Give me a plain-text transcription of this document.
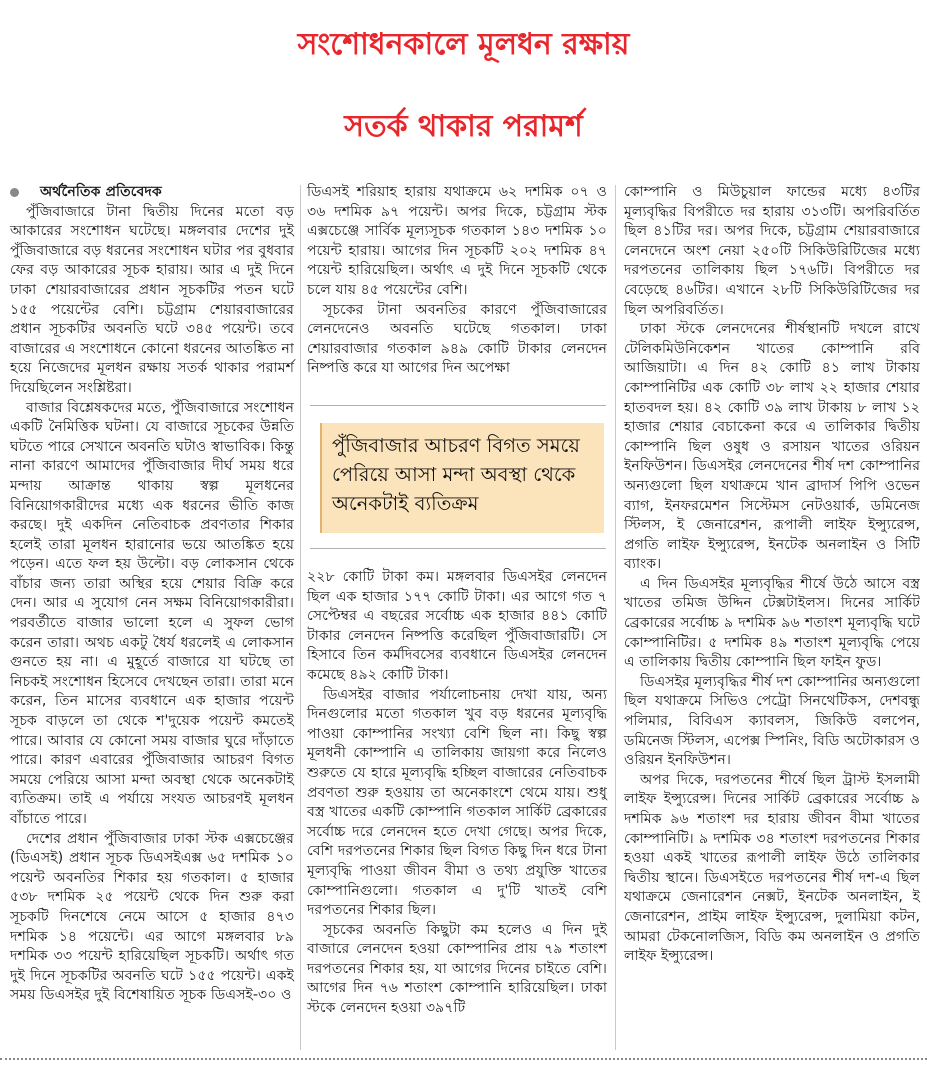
সংশোধনকালে মূলধন রক্ষায়
সতর্ক থাকার পরামর্শ

অর্থনৈতিক প্রতিবেদক

পুঁজিবাজারে টানা দ্বিতীয় দিনের মতো বড় আকারের সংশোধন ঘটেছে। মঙ্গলবার দেশের দুই পুঁজিবাজারে বড় ধরনের সংশোধন ঘটার পর বুধবার ফের বড় আকারের সূচক হারায়। আর এ দুই দিনে ঢাকা শেয়ারবাজারের প্রধান সূচকটির পতন ঘটে ১৫৫ পয়েন্টের বেশি। চট্টগ্রাম শেয়ারবাজারের প্রধান সূচকটির অবনতি ঘটে ৩৪৫ পয়েন্ট। তবে বাজারের এ সংশোধনে কোনো ধরনের আতঙ্কিত না হয়ে নিজেদের মূলধন রক্ষায় সতর্ক থাকার পরামর্শ দিয়েছিলেন সংশ্লিষ্টরা।

বাজার বিশ্লেষকদের মতে, পুঁজিবাজারে সংশোধন একটি নৈমিত্তিক ঘটনা। যে বাজারে সূচকের উন্নতি ঘটতে পারে সেখানে অবনতি ঘটাও স্বাভাবিক। কিন্তু নানা কারণে আমাদের পুঁজিবাজার দীর্ঘ সময় ধরে মন্দায় আক্রান্ত থাকায় স্বল্প মূলধনের বিনিয়োগকারীদের মধ্যে এক ধরনের ভীতি কাজ করছে। দুই একদিন নেতিবাচক প্রবণতার শিকার হলেই তারা মূলধন হারানোর ভয়ে আতঙ্কিত হয়ে পড়েন। এতে ফল হয় উল্টো। বড় লোকসান থেকে বাঁচার জন্য তারা অস্থির হয়ে শেয়ার বিক্রি করে দেন। আর এ সুযোগ নেন সক্ষম বিনিয়োগকারীরা। পরবর্তীতে বাজার ভালো হলে এ সুফল ভোগ করেন তারা। অথচ একটু ধৈর্য ধরলেই এ লোকসান গুনতে হয় না। এ মুহূর্তে বাজারে যা ঘটছে তা নিচকই সংশোধন হিসেবে দেখছেন তারা। তারা মনে করেন, তিন মাসের ব্যবধানে এক হাজার পয়েন্ট সূচক বাড়লে তা থেকে শ'দুয়েক পয়েন্ট কমতেই পারে। আবার যে কোনো সময় বাজার ঘুরে দাঁড়াতে পারে। কারণ এবারের পুঁজিবাজার আচরণ বিগত সময়ে পেরিয়ে আসা মন্দা অবস্থা থেকে অনেকটাই ব্যতিক্রম। তাই এ পর্যায়ে সংযত আচরণই মূলধন বাঁচাতে পারে।

দেশের প্রধান পুঁজিবাজার ঢাকা স্টক এক্সচেঞ্জের (ডিএসই) প্রধান সূচক ডিএসইএক্স ৬৫ দশমিক ১০ পয়েন্ট অবনতির শিকার হয় গতকাল। ৫ হাজার ৫৩৮ দশমিক ২৫ পয়েন্ট থেকে দিন শুরু করা সূচকটি দিনশেষে নেমে আসে ৫ হাজার ৪৭৩ দশমিক ১৪ পয়েন্টে। এর আগে মঙ্গলবার ৮৯ দশমিক ৩৩ পয়েন্ট হারিয়েছিল সূচকটি। অর্থাৎ গত দুই দিনে সূচকটির অবনতি ঘটে ১৫৫ পয়েন্ট। একই সময় ডিএসইর দুই বিশেষায়িত সূচক ডিএসই-৩০ ও

ডিএসই শরিয়াহ হারায় যথাক্রমে ৬২ দশমিক ০৭ ও ৩৬ দশমিক ৯৭ পয়েন্ট। অপর দিকে, চট্টগ্রাম স্টক এক্সচেঞ্জে সার্বিক মূল্যসূচক গতকাল ১৪৩ দশমিক ১০ পয়েন্ট হারায়। আগের দিন সূচকটি ২০২ দশমিক ৪৭ পয়েন্ট হারিয়েছিল। অর্থাৎ এ দুই দিনে সূচকটি থেকে চলে যায় ৪৫ পয়েন্টের বেশি।

সূচকের টানা অবনতির কারণে পুঁজিবাজারের লেনদেনেও অবনতি ঘটেছে গতকাল। ঢাকা শেয়ারবাজার গতকাল ৯৪৯ কোটি টাকার লেনদেন নিষ্পত্তি করে যা আগের দিন অপেক্ষা

পুঁজিবাজার আচরণ বিগত সময়ে পেরিয়ে আসা মন্দা অবস্থা থেকে অনেকটাই ব্যতিক্রম

২২৮ কোটি টাকা কম। মঙ্গলবার ডিএসইর লেনদেন ছিল এক হাজার ১৭৭ কোটি টাকা। এর আগে গত ৭ সেপ্টেম্বর এ বছরের সর্বোচ্চ এক হাজার ৪৪১ কোটি টাকার লেনদেন নিষ্পত্তি করেছিল পুঁজিবাজারটি। সে হিসাবে তিন কর্মদিবসের ব্যবধানে ডিএসইর লেনদেন কমেছে ৪৯২ কোটি টাকা।

ডিএসইর বাজার পর্যালোচনায় দেখা যায়, অন্য দিনগুলোর মতো গতকাল খুব বড় ধরনের মূল্যবৃদ্ধি পাওয়া কোম্পানির সংখ্যা বেশি ছিল না। কিছু স্বল্প মূলধনী কোম্পানি এ তালিকায় জায়গা করে নিলেও শুরুতে যে হারে মূল্যবৃদ্ধি হচ্ছিল বাজারের নেতিবাচক প্রবণতা শুরু হওয়ায় তা অনেকাংশে থেমে যায়। শুধু বস্ত্র খাতের একটি কোম্পানি গতকাল সার্কিট ব্রেকারের সর্বোচ্চ দরে লেনদেন হতে দেখা গেছে। অপর দিকে, বেশি দরপতনের শিকার ছিল বিগত কিছু দিন ধরে টানা মূল্যবৃদ্ধি পাওয়া জীবন বীমা ও তথ্য প্রযুক্তি খাতের কোম্পানিগুলো। গতকাল এ দু'টি খাতই বেশি দরপতনের শিকার ছিল।

সূচকের অবনতি কিছুটা কম হলেও এ দিন দুই বাজারে লেনদেন হওয়া কোম্পানির প্রায় ৭৯ শতাংশ দরপতনের শিকার হয়, যা আগের দিনের চাইতে বেশি। আগের দিন ৭৬ শতাংশ কোম্পানি হারিয়েছিল। ঢাকা স্টকে লেনদেন হওয়া ৩৯৭টি

কোম্পানি ও মিউচুয়াল ফান্ডের মধ্যে ৪৩টির মূল্যবৃদ্ধির বিপরীতে দর হারায় ৩১৩টি। অপরিবর্তিত ছিল ৪১টির দর। অপর দিকে, চট্টগ্রাম শেয়ারবাজারে লেনদেনে অংশ নেয়া ২৫০টি সিকিউরিটিজের মধ্যে দরপতনের তালিকায় ছিল ১৭৬টি। বিপরীতে দর বেড়েছে ৪৬টির। এখানে ২৮টি সিকিউরিটিজের দর ছিল অপরিবর্তিত।

ঢাকা স্টকে লেনদেনের শীর্ষস্থানটি দখলে রাখে টেলিকমিউনিকেশন খাতের কোম্পানি রবি আজিয়াটা। এ দিন ৪২ কোটি ৪১ লাখ টাকায় কোম্পানিটির এক কোটি ৩৮ লাখ ২২ হাজার শেয়ার হাতবদল হয়। ৪২ কোটি ৩৯ লাখ টাকায় ৮ লাখ ১২ হাজার শেয়ার বেচাকেনা করে এ তালিকার দ্বিতীয় কোম্পানি ছিল ওষুধ ও রসায়ন খাতের ওরিয়ন ইনফিউশন। ডিএসইর লেনদেনের শীর্ষ দশ কোম্পানির অন্যগুলো ছিল যথাক্রমে খান ব্রাদার্স পিপি ওভেন ব্যাগ, ইনফরমেশন সিস্টেমস নেটওয়ার্ক, ডমিনেজ স্টিলস, ই জেনারেশন, রূপালী লাইফ ইন্স্যুরেন্স, প্রগতি লাইফ ইন্স্যুরেন্স, ইনটেক অনলাইন ও সিটি ব্যাংক।

এ দিন ডিএসইর মূল্যবৃদ্ধির শীর্ষে উঠে আসে বস্ত্র খাতের তমিজ উদ্দিন টেক্সটাইলস। দিনের সার্কিট ব্রেকারের সর্বোচ্চ ৯ দশমিক ৯৬ শতাংশ মূল্যবৃদ্ধি ঘটে কোম্পানিটির। ৫ দশমিক ৪৯ শতাংশ মূল্যবৃদ্ধি পেয়ে এ তালিকায় দ্বিতীয় কোম্পানি ছিল ফাইন ফুড।

ডিএসইর মূল্যবৃদ্ধির শীর্ষ দশ কোম্পানির অন্যগুলো ছিল যথাক্রমে সিভিও পেট্রো সিনথেটিকস, দেশবন্ধু পলিমার, বিবিএস ক্যাবলস, জিকিউ বলপেন, ডমিনেজ স্টিলস, এপেক্স স্পিনিং, বিডি অটোকারস ও ওরিয়ন ইনফিউশন।

অপর দিকে, দরপতনের শীর্ষে ছিল ট্রাস্ট ইসলামী লাইফ ইন্স্যুরেন্স। দিনের সার্কিট ব্রেকারের সর্বোচ্চ ৯ দশমিক ৯৬ শতাংশ দর হারায় জীবন বীমা খাতের কোম্পানিটি। ৯ দশমিক ৩৪ শতাংশ দরপতনের শিকার হওয়া একই খাতের রূপালী লাইফ উঠে তালিকার দ্বিতীয় স্থানে। ডিএসইতে দরপতনের শীর্ষ দশ-এ ছিল যথাক্রমে জেনারেশন নেক্সট, ইনটেক অনলাইন, ই জেনারেশন, প্রাইম লাইফ ইন্স্যুরেন্স, দুলামিয়া কটন, আমরা টেকনোলজিস, বিডি কম অনলাইন ও প্রগতি লাইফ ইন্স্যুরেন্স।
